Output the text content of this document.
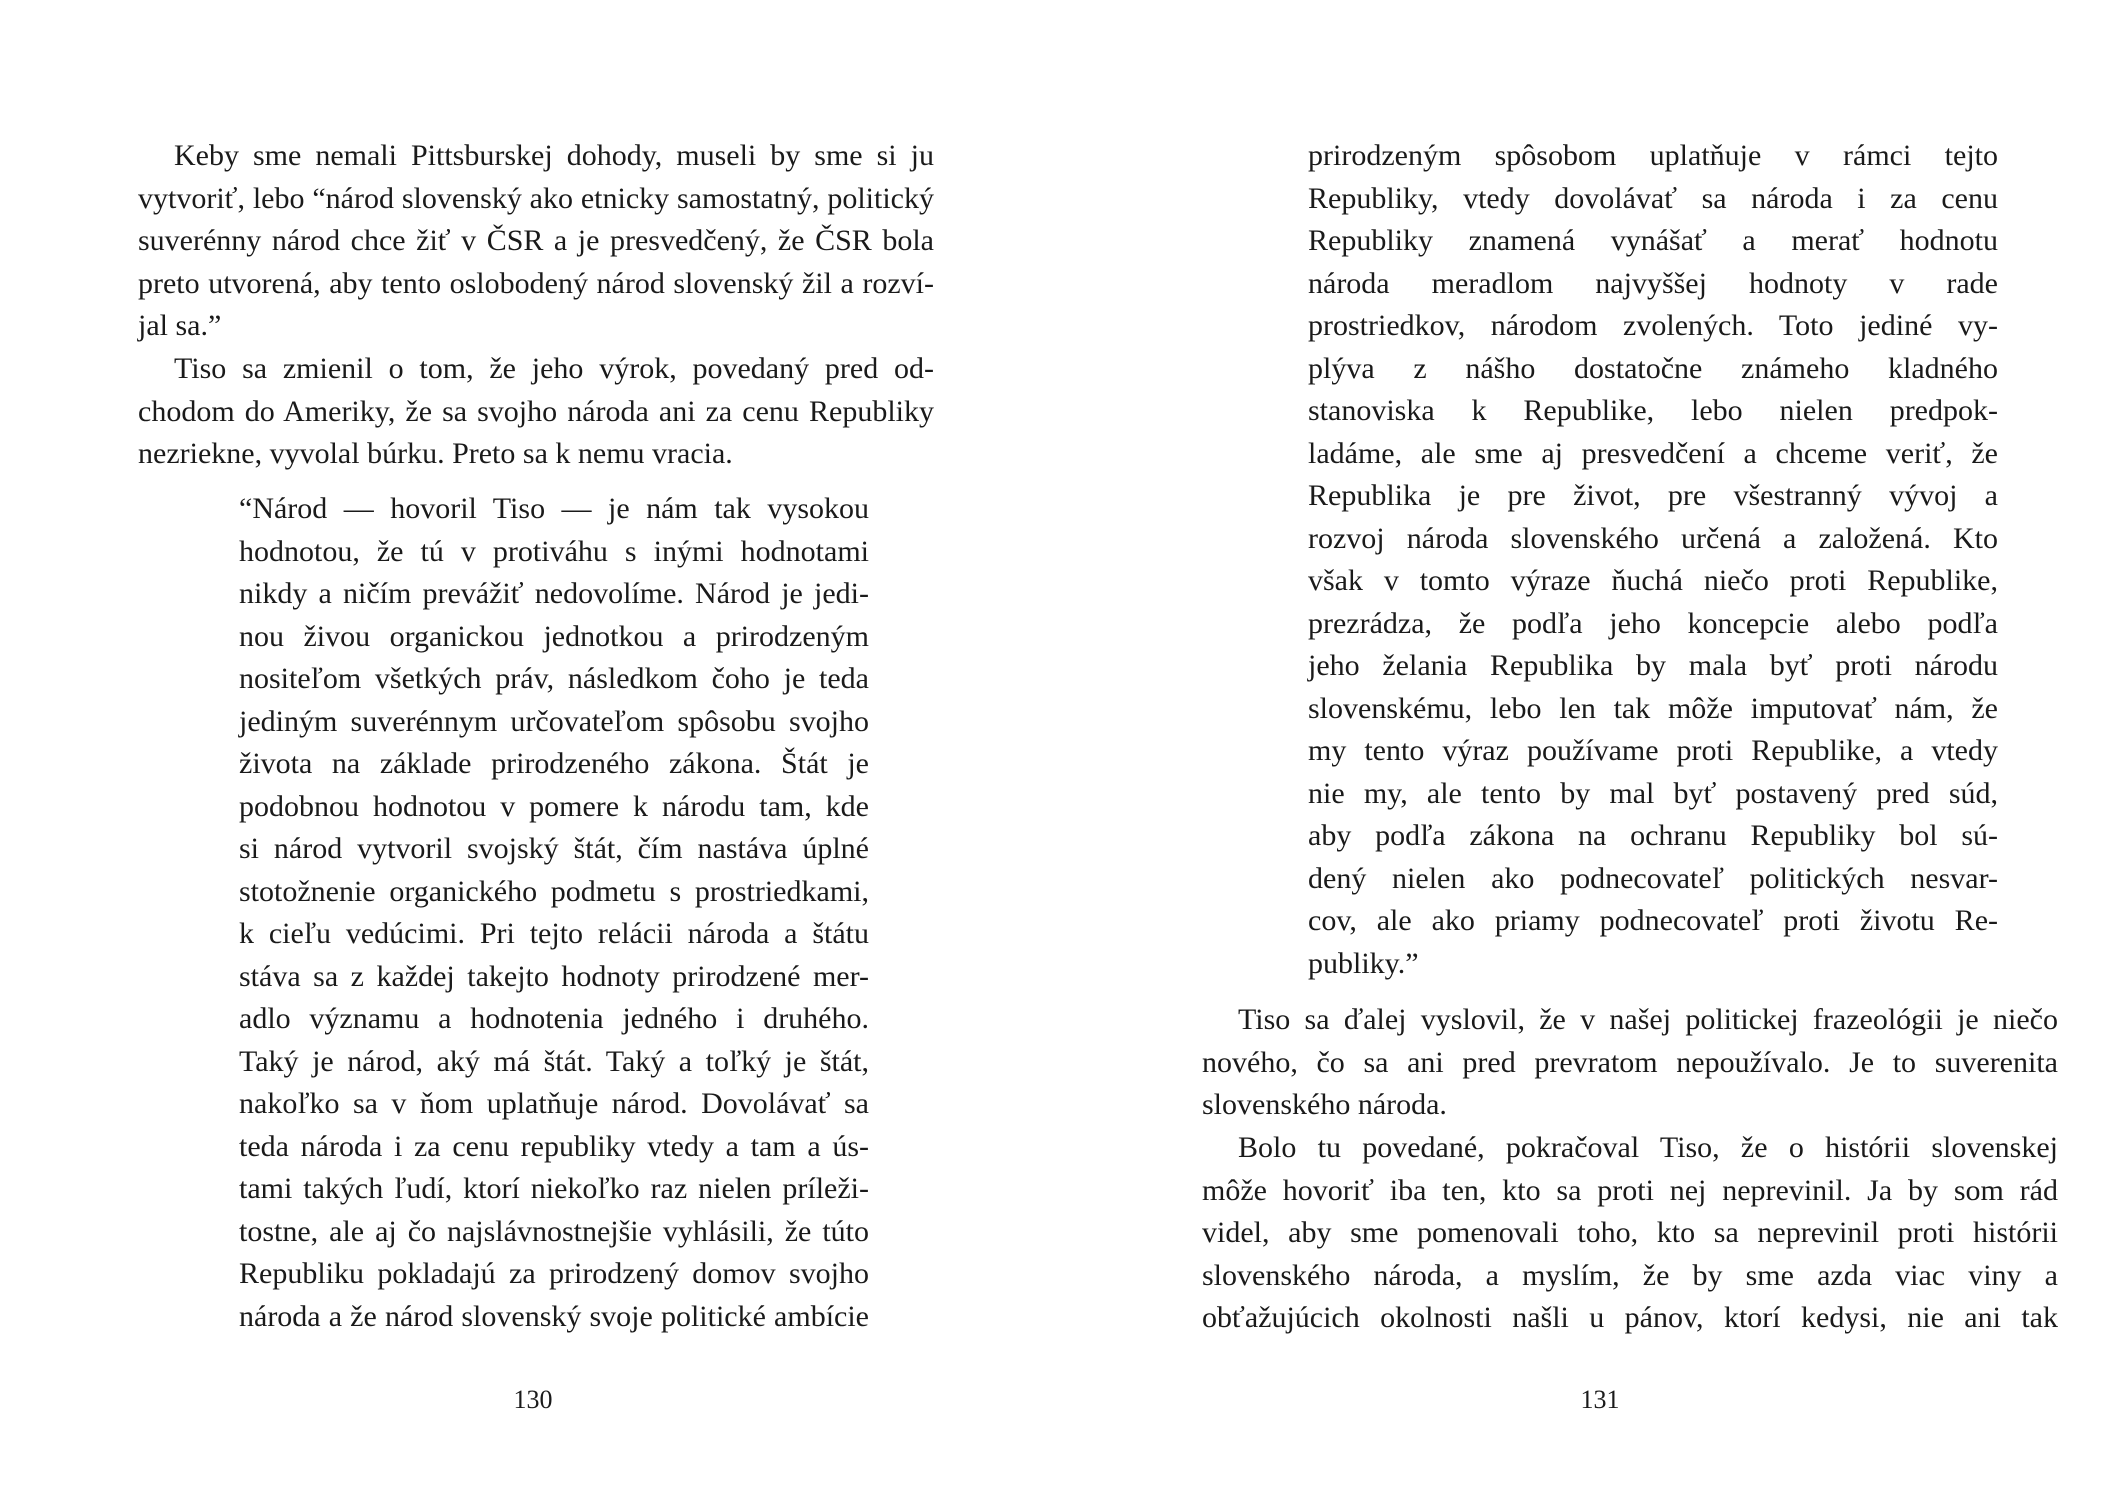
Keby sme nemali Pittsburskej dohody, museli by sme si ju
vytvoriť, lebo “národ slovenský ako etnicky samostatný, politický
suverénny národ chce žiť v ČSR a je presvedčený, že ČSR bola
preto utvorená, aby tento oslobodený národ slovenský žil a rozví-
jal sa.”
Tiso sa zmienil o tom, že jeho výrok, povedaný pred od-
chodom do Ameriky, že sa svojho národa ani za cenu Republiky
nezriekne, vyvolal búrku. Preto sa k nemu vracia.
“Národ — hovoril Tiso — je nám tak vysokou
hodnotou, že tú v protiváhu s inými hodnotami
nikdy a ničím prevážiť nedovolíme. Národ je jedi-
nou živou organickou jednotkou a prirodzeným
nositeľom všetkých práv, následkom čoho je teda
jediným suverénnym určovateľom spôsobu svojho
života na základe prirodzeného zákona. Štát je
podobnou hodnotou v pomere k národu tam, kde
si národ vytvoril svojský štát, čím nastáva úplné
stotožnenie organického podmetu s prostriedkami,
k cieľu vedúcimi. Pri tejto relácii národa a štátu
stáva sa z každej takejto hodnoty prirodzené mer-
adlo významu a hodnotenia jedného i druhého.
Taký je národ, aký má štát. Taký a toľký je štát,
nakoľko sa v ňom uplatňuje národ. Dovolávať sa
teda národa i za cenu republiky vtedy a tam a ús-
tami takých ľudí, ktorí niekoľko raz nielen príleži-
tostne, ale aj čo najslávnostnejšie vyhlásili, že túto
Republiku pokladajú za prirodzený domov svojho
národa a že národ slovenský svoje politické ambície
130
prirodzeným spôsobom uplatňuje v rámci tejto
Republiky, vtedy dovolávať sa národa i za cenu
Republiky znamená vynášať a merať hodnotu
národa meradlom najvyššej hodnoty v rade
prostriedkov, národom zvolených. Toto jediné vy-
plýva z nášho dostatočne známeho kladného
stanoviska k Republike, lebo nielen predpok-
ladáme, ale sme aj presvedčení a chceme veriť, že
Republika je pre život, pre všestranný vývoj a
rozvoj národa slovenského určená a založená. Kto
však v tomto výraze ňuchá niečo proti Republike,
prezrádza, že podľa jeho koncepcie alebo podľa
jeho želania Republika by mala byť proti národu
slovenskému, lebo len tak môže imputovať nám, že
my tento výraz používame proti Republike, a vtedy
nie my, ale tento by mal byť postavený pred súd,
aby podľa zákona na ochranu Republiky bol sú-
dený nielen ako podnecovateľ politických nesvar-
cov, ale ako priamy podnecovateľ proti životu Re-
publiky.”
Tiso sa ďalej vyslovil, že v našej politickej frazeológii je niečo
nového, čo sa ani pred prevratom nepoužívalo. Je to suverenita
slovenského národa.
Bolo tu povedané, pokračoval Tiso, že o histórii slovenskej
môže hovoriť iba ten, kto sa proti nej neprevinil. Ja by som rád
videl, aby sme pomenovali toho, kto sa neprevinil proti histórii
slovenského národa, a myslím, že by sme azda viac viny a
obťažujúcich okolnosti našli u pánov, ktorí kedysi, nie ani tak
131
